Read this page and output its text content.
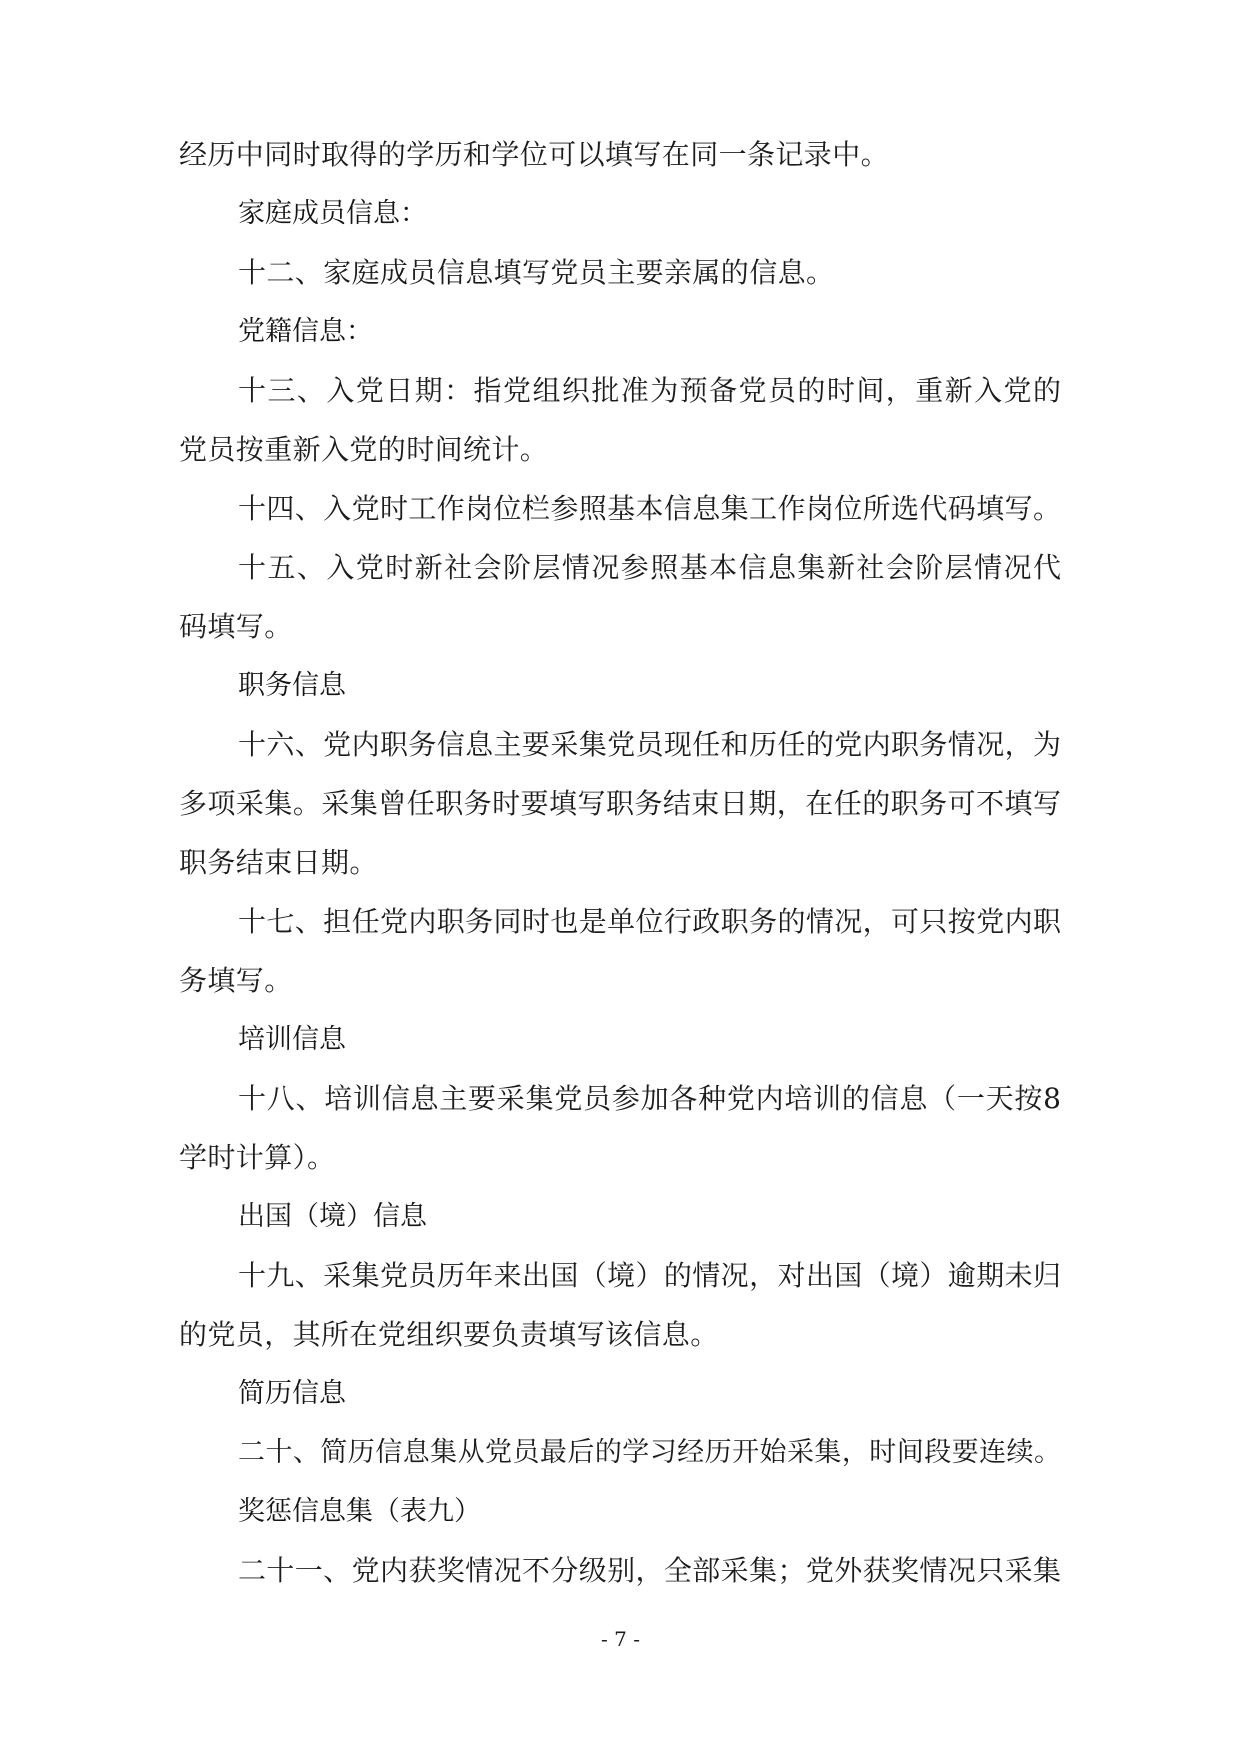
经历中同时取得的学历和学位可以填写在同一条记录中。

家庭成员信息：

十二、家庭成员信息填写党员主要亲属的信息。

党籍信息：

十三、入党日期：指党组织批准为预备党员的时间，重新入党的

党员按重新入党的时间统计。

十四、入党时工作岗位栏参照基本信息集工作岗位所选代码填写。

十五、入党时新社会阶层情况参照基本信息集新社会阶层情况代

码填写。

职务信息

十六、党内职务信息主要采集党员现任和历任的党内职务情况，为

多项采集。采集曾任职务时要填写职务结束日期，在任的职务可不填写

职务结束日期。

十七、担任党内职务同时也是单位行政职务的情况，可只按党内职

务填写。

培训信息

十八、培训信息主要采集党员参加各种党内培训的信息（一天按8

学时计算）。

出国（境）信息

十九、采集党员历年来出国（境）的情况，对出国（境）逾期未归

的党员，其所在党组织要负责填写该信息。

简历信息

二十、简历信息集从党员最后的学习经历开始采集，时间段要连续。

奖惩信息集（表九）

二十一、党内获奖情况不分级别，全部采集；党外获奖情况只采集

- 7 -
